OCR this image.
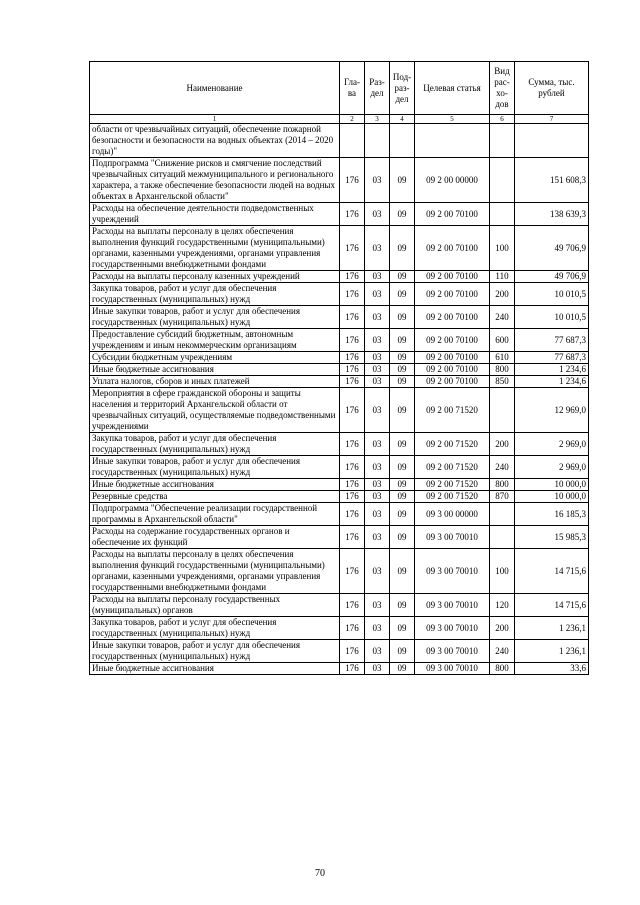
Наименование	Гла-ва	Раз-дел	Под-раз-дел	Целевая статья	Вид рас-хо-дов	Сумма, тыс. рублей
1	2	3	4	5	6	7
области от чрезвычайных ситуаций, обеспечение пожарной безопасности и безопасности на водных объектах (2014 – 2020 годы)"						
Подпрограмма "Снижение рисков и смягчение последствий чрезвычайных ситуаций межмуниципального и регионального характера, а также обеспечение безопасности людей на водных объектах в Архангельской области"	176	03	09	09 2 00 00000		151 608,3
Расходы на обеспечение деятельности подведомственных учреждений	176	03	09	09 2 00 70100		138 639,3
Расходы на выплаты персоналу в целях обеспечения выполнения функций государственными (муниципальными) органами, казенными учреждениями, органами управления государственными внебюджетными фондами	176	03	09	09 2 00 70100	100	49 706,9
Расходы на выплаты персоналу казенных учреждений	176	03	09	09 2 00 70100	110	49 706,9
Закупка товаров, работ и услуг для обеспечения государственных (муниципальных) нужд	176	03	09	09 2 00 70100	200	10 010,5
Иные закупки товаров, работ и услуг для обеспечения государственных (муниципальных) нужд	176	03	09	09 2 00 70100	240	10 010,5
Предоставление субсидий бюджетным, автономным учреждениям и иным некоммерческим организациям	176	03	09	09 2 00 70100	600	77 687,3
Субсидии бюджетным учреждениям	176	03	09	09 2 00 70100	610	77 687,3
Иные бюджетные ассигнования	176	03	09	09 2 00 70100	800	1 234,6
Уплата налогов, сборов и иных платежей	176	03	09	09 2 00 70100	850	1 234,6
Мероприятия в сфере гражданской обороны и защиты населения и территорий Архангельской области от чрезвычайных ситуаций, осуществляемые подведомственными учреждениями	176	03	09	09 2 00 71520		12 969,0
Закупка товаров, работ и услуг для обеспечения государственных (муниципальных) нужд	176	03	09	09 2 00 71520	200	2 969,0
Иные закупки товаров, работ и услуг для обеспечения государственных (муниципальных) нужд	176	03	09	09 2 00 71520	240	2 969,0
Иные бюджетные ассигнования	176	03	09	09 2 00 71520	800	10 000,0
Резервные средства	176	03	09	09 2 00 71520	870	10 000,0
Подпрограмма "Обеспечение реализации государственной программы в Архангельской области"	176	03	09	09 3 00 00000		16 185,3
Расходы на содержание государственных органов и обеспечение их функций	176	03	09	09 3 00 70010		15 985,3
Расходы на выплаты персоналу в целях обеспечения выполнения функций государственными (муниципальными) органами, казенными учреждениями, органами управления государственными внебюджетными фондами	176	03	09	09 3 00 70010	100	14 715,6
Расходы на выплаты персоналу государственных (муниципальных) органов	176	03	09	09 3 00 70010	120	14 715,6
Закупка товаров, работ и услуг для обеспечения государственных (муниципальных) нужд	176	03	09	09 3 00 70010	200	1 236,1
Иные закупки товаров, работ и услуг для обеспечения государственных (муниципальных) нужд	176	03	09	09 3 00 70010	240	1 236,1
Иные бюджетные ассигнования	176	03	09	09 3 00 70010	800	33,6
70
